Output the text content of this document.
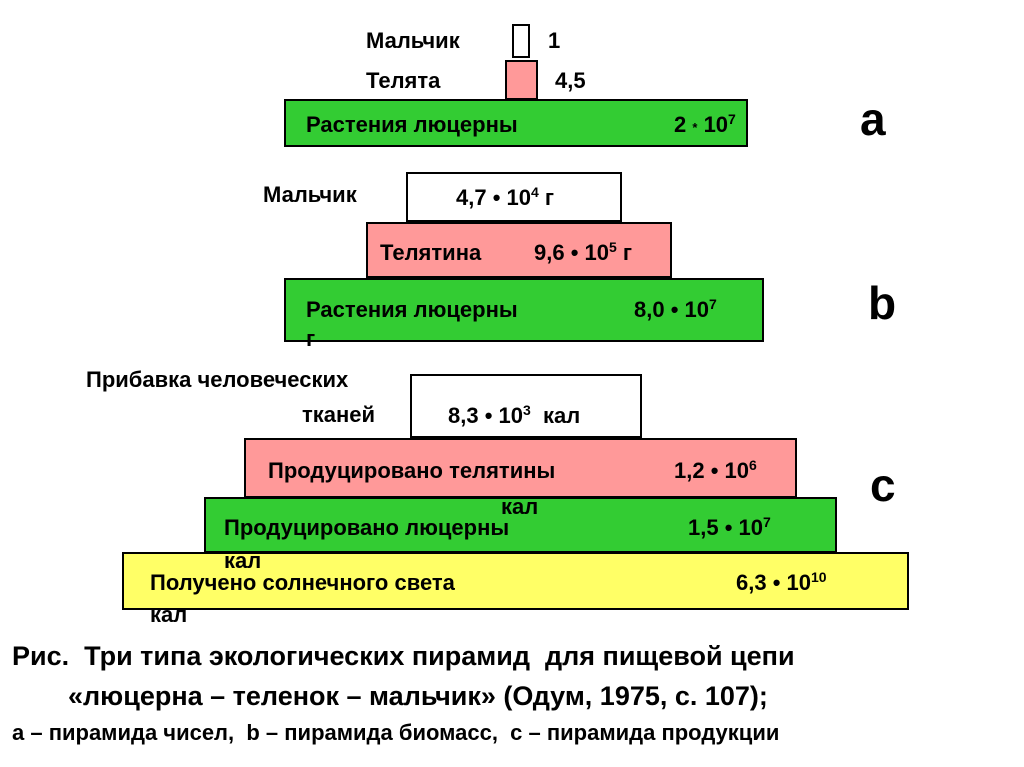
Мальчик	1
Телята	4,5
Растения люцерны	$2 * 10^7$	a
Мальчик	4,7 • $10^4$ г
Телятина 9,6 • $10^5$ г
Растения люцерны	8,0 • $10^7$
г
b
Прибавка человеческих
тканей	8,3 • $10^3$  кал
Продуцировано телятины	1,2 • $10^6$
кал
Продуцировано люцерны	1,5 • $10^7$
кал
Получено солнечного света	6,3 • $10^{10}$
кал
c
Рис.  Три типа экологических пирамид  для пищевой цепи
«люцерна – теленок – мальчик» (Одум, 1975, с. 107);
а – пирамида чисел,  b – пирамида биомасс,  c – пирамида продукции
